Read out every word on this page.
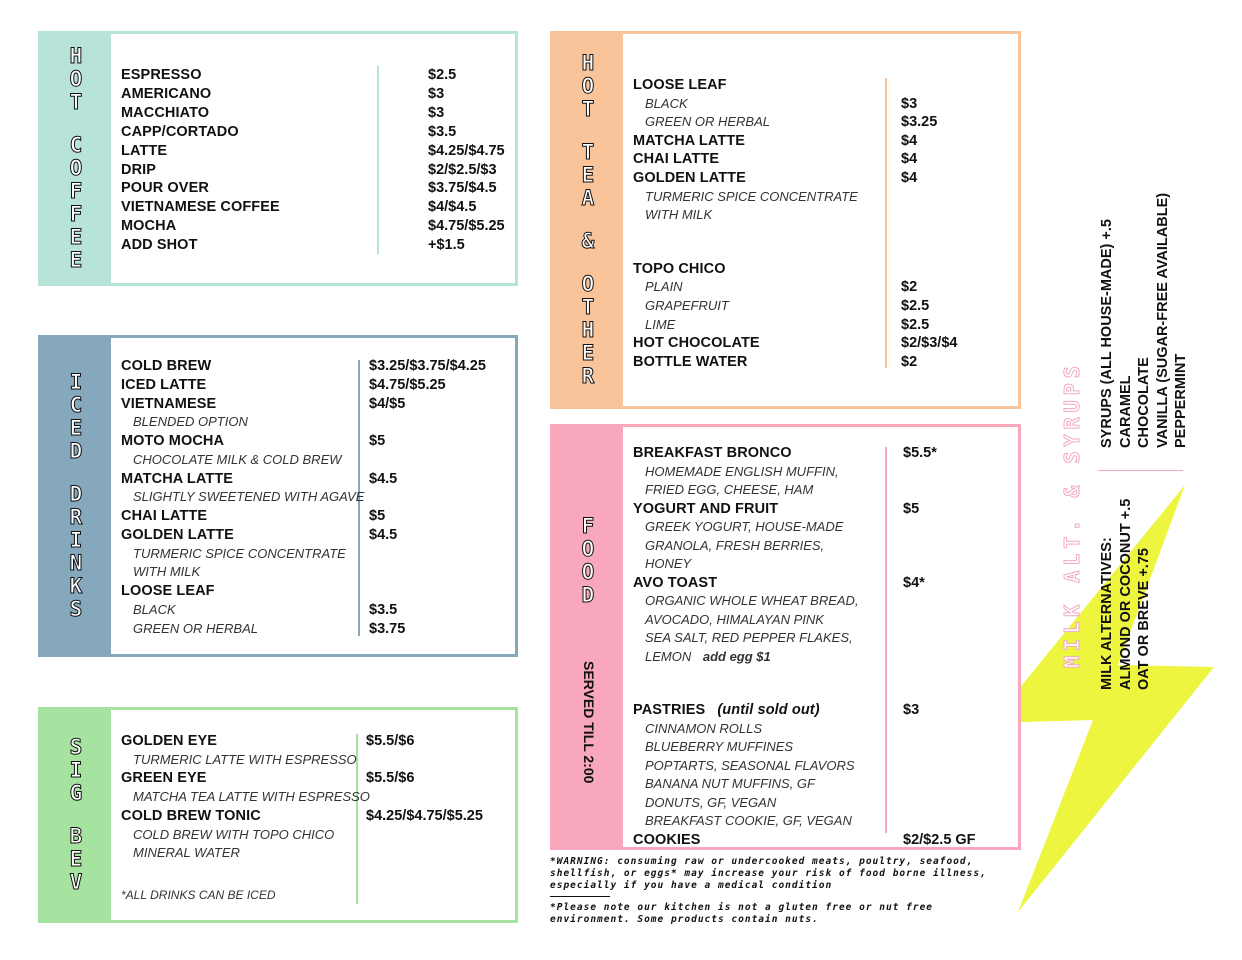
H
O
T
C
O
F
F
E
E
ESPRESSO	$2.5
AMERICANO	$3
MACCHIATO	$3
CAPP/CORTADO	$3.5
LATTE	$4.25/$4.75
DRIP	$2/$2.5/$3
POUR OVER	$3.75/$4.5
VIETNAMESE COFFEE	$4/$4.5
MOCHA	$4.75/$5.25
ADD SHOT	+$1.5
I
C
E
D
D
R
I
N
K
S
COLD BREW	$3.25/$3.75/$4.25
ICED LATTE	$4.75/$5.25
VIETNAMESE	$4/$5
BLENDED OPTION
MOTO MOCHA	$5
CHOCOLATE MILK & COLD BREW
MATCHA LATTE	$4.5
SLIGHTLY SWEETENED WITH AGAVE
CHAI LATTE	$5
GOLDEN LATTE	$4.5
TURMERIC SPICE CONCENTRATE
WITH MILK
LOOSE LEAF
BLACK	$3.5
GREEN OR HERBAL	$3.75
S
I
G
B
E
V
GOLDEN EYE	$5.5/$6
TURMERIC LATTE WITH ESPRESSO
GREEN EYE	$5.5/$6
MATCHA TEA LATTE WITH ESPRESSO
COLD BREW TONIC	$4.25/$4.75/$5.25
COLD BREW WITH TOPO CHICO
MINERAL WATER
*ALL DRINKS CAN BE ICED
H
O
T
T
E
A
&
O
T
H
E
R
LOOSE LEAF
BLACK	$3
GREEN OR HERBAL	$3.25
MATCHA LATTE	$4
CHAI LATTE	$4
GOLDEN LATTE	$4
TURMERIC SPICE CONCENTRATE
WITH MILK
TOPO CHICO
PLAIN	$2
GRAPEFRUIT	$2.5
LIME	$2.5
HOT CHOCOLATE	$2/$3/$4
BOTTLE WATER	$2
F
O
O
D
SERVED TILL 2:00
BREAKFAST BRONCO	$5.5*
HOMEMADE ENGLISH MUFFIN,
FRIED EGG, CHEESE, HAM
YOGURT AND FRUIT	$5
GREEK YOGURT, HOUSE-MADE
GRANOLA, FRESH BERRIES,
HONEY
AVO TOAST	$4*
ORGANIC WHOLE WHEAT BREAD,
AVOCADO, HIMALAYAN PINK
SEA SALT, RED PEPPER FLAKES,
LEMON add egg $1
PASTRIES (until sold out)	$3
CINNAMON ROLLS
BLUEBERRY MUFFINES
POPTARTS, SEASONAL FLAVORS
BANANA NUT MUFFINS, GF
DONUTS, GF, VEGAN
BREAKFAST COOKIE, GF, VEGAN
COOKIES	$2/$2.5 GF
*WARNING: consuming raw or undercooked meats, poultry, seafood, shellfish, or eggs* may increase your risk of food borne illness, especially if you have a medical condition
*Please note our kitchen is not a gluten free or nut free environment. Some products contain nuts.
MILK ALT. & SYRUPS MILK ALTERNATIVES: ALMOND OR COCONUT +.5 OAT OR BREVE +.75
SYRUPS (ALL HOUSE-MADE) +.5 CARAMEL CHOCOLATE VANILLA (SUGAR-FREE AVAILABLE) PEPPERMINT
